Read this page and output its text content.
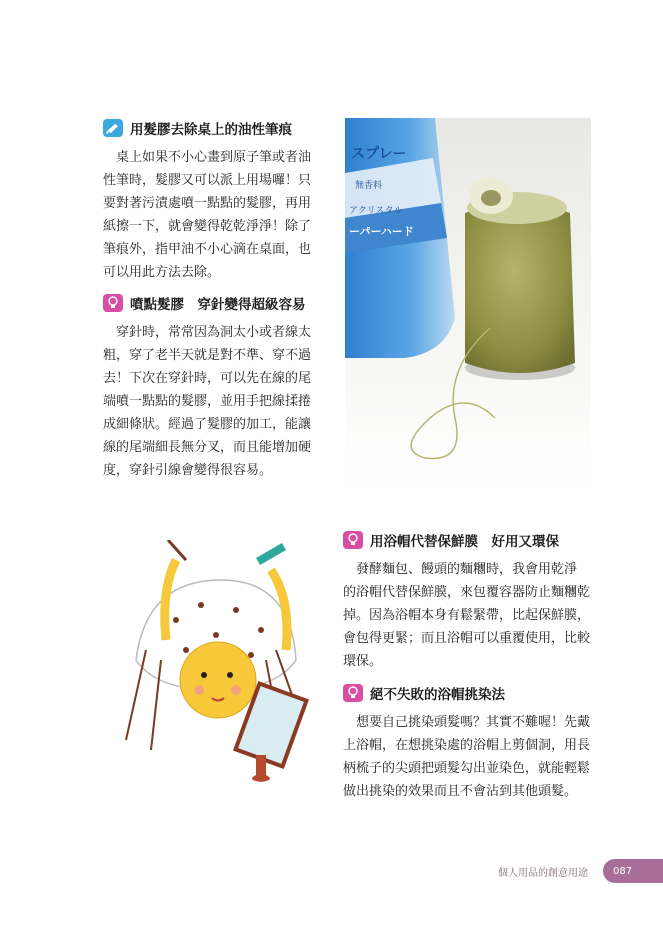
用髮膠去除桌上的油性筆痕

　桌上如果不小心畫到原子筆或者油
性筆時，髮膠又可以派上用場囉！只
要對著污漬處噴一點點的髮膠，再用
紙擦一下，就會變得乾乾淨淨！除了
筆痕外，指甲油不小心滴在桌面，也
可以用此方法去除。

噴點髮膠　穿針變得超級容易

　穿針時，常常因為洞太小或者線太
粗，穿了老半天就是對不準、穿不過
去！下次在穿針時，可以先在線的尾
端噴一點點的髮膠，並用手把線揉捲
成細條狀。經過了髮膠的加工，能讓
線的尾端細長無分叉，而且能增加硬
度，穿針引線會變得很容易。

スプレー
無香料
アクリスタル
ーパーハード
用浴帽代替保鮮膜　好用又環保

　發酵麵包、饅頭的麵糰時，我會用乾淨
的浴帽代替保鮮膜，來包覆容器防止麵糰乾
掉。因為浴帽本身有鬆緊帶，比起保鮮膜，
會包得更緊；而且浴帽可以重覆使用，比較
環保。

絕不失敗的浴帽挑染法

　想要自己挑染頭髮嗎？其實不難喔！先戴
上浴帽，在想挑染處的浴帽上剪個洞，用長
柄梳子的尖頭把頭髮勾出並染色，就能輕鬆
做出挑染的效果而且不會沾到其他頭髮。

個人用品的創意用途	087
